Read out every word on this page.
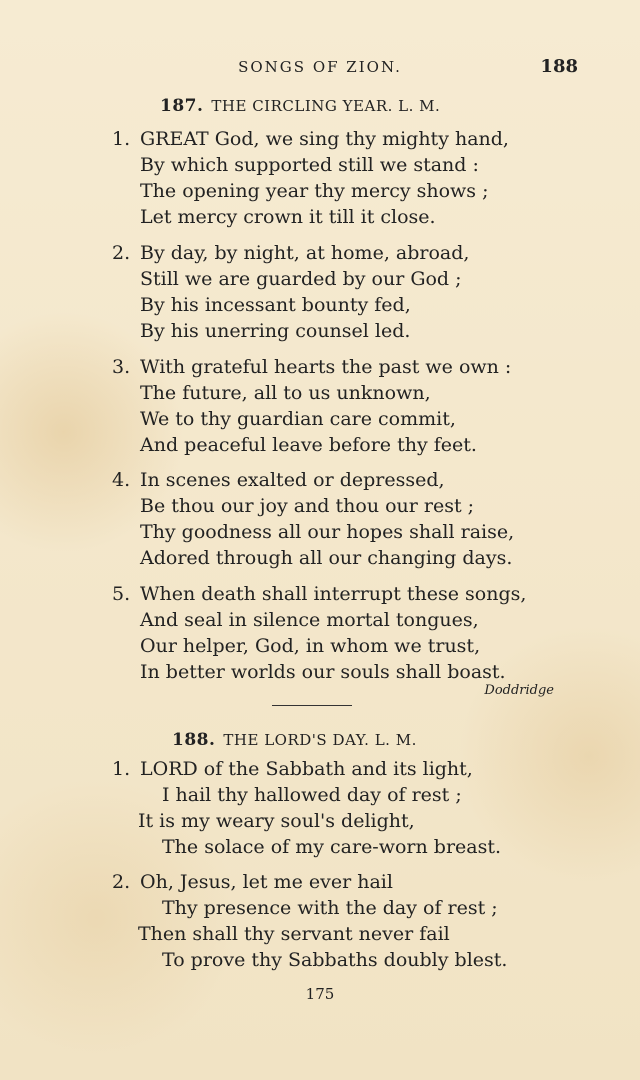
SONGS OF ZION.	188
187. THE CIRCLING YEAR. L. M.
1. GREAT God, we sing thy mighty hand,
By which supported still we stand :
The opening year thy mercy shows ;
Let mercy crown it till it close.
2. By day, by night, at home, abroad,
Still we are guarded by our God ;
By his incessant bounty fed,
By his unerring counsel led.
3. With grateful hearts the past we own :
The future, all to us unknown,
We to thy guardian care commit,
And peaceful leave before thy feet.
4. In scenes exalted or depressed,
Be thou our joy and thou our rest ;
Thy goodness all our hopes shall raise,
Adored through all our changing days.
5. When death shall interrupt these songs,
And seal in silence mortal tongues,
Our helper, God, in whom we trust,
In better worlds our souls shall boast.
Doddridge
188. THE LORD'S DAY. L. M.
1. LORD of the Sabbath and its light,
I hail thy hallowed day of rest ;
It is my weary soul's delight,
The solace of my care-worn breast.
2. Oh, Jesus, let me ever hail
Thy presence with the day of rest ;
Then shall thy servant never fail
To prove thy Sabbaths doubly blest.
175
